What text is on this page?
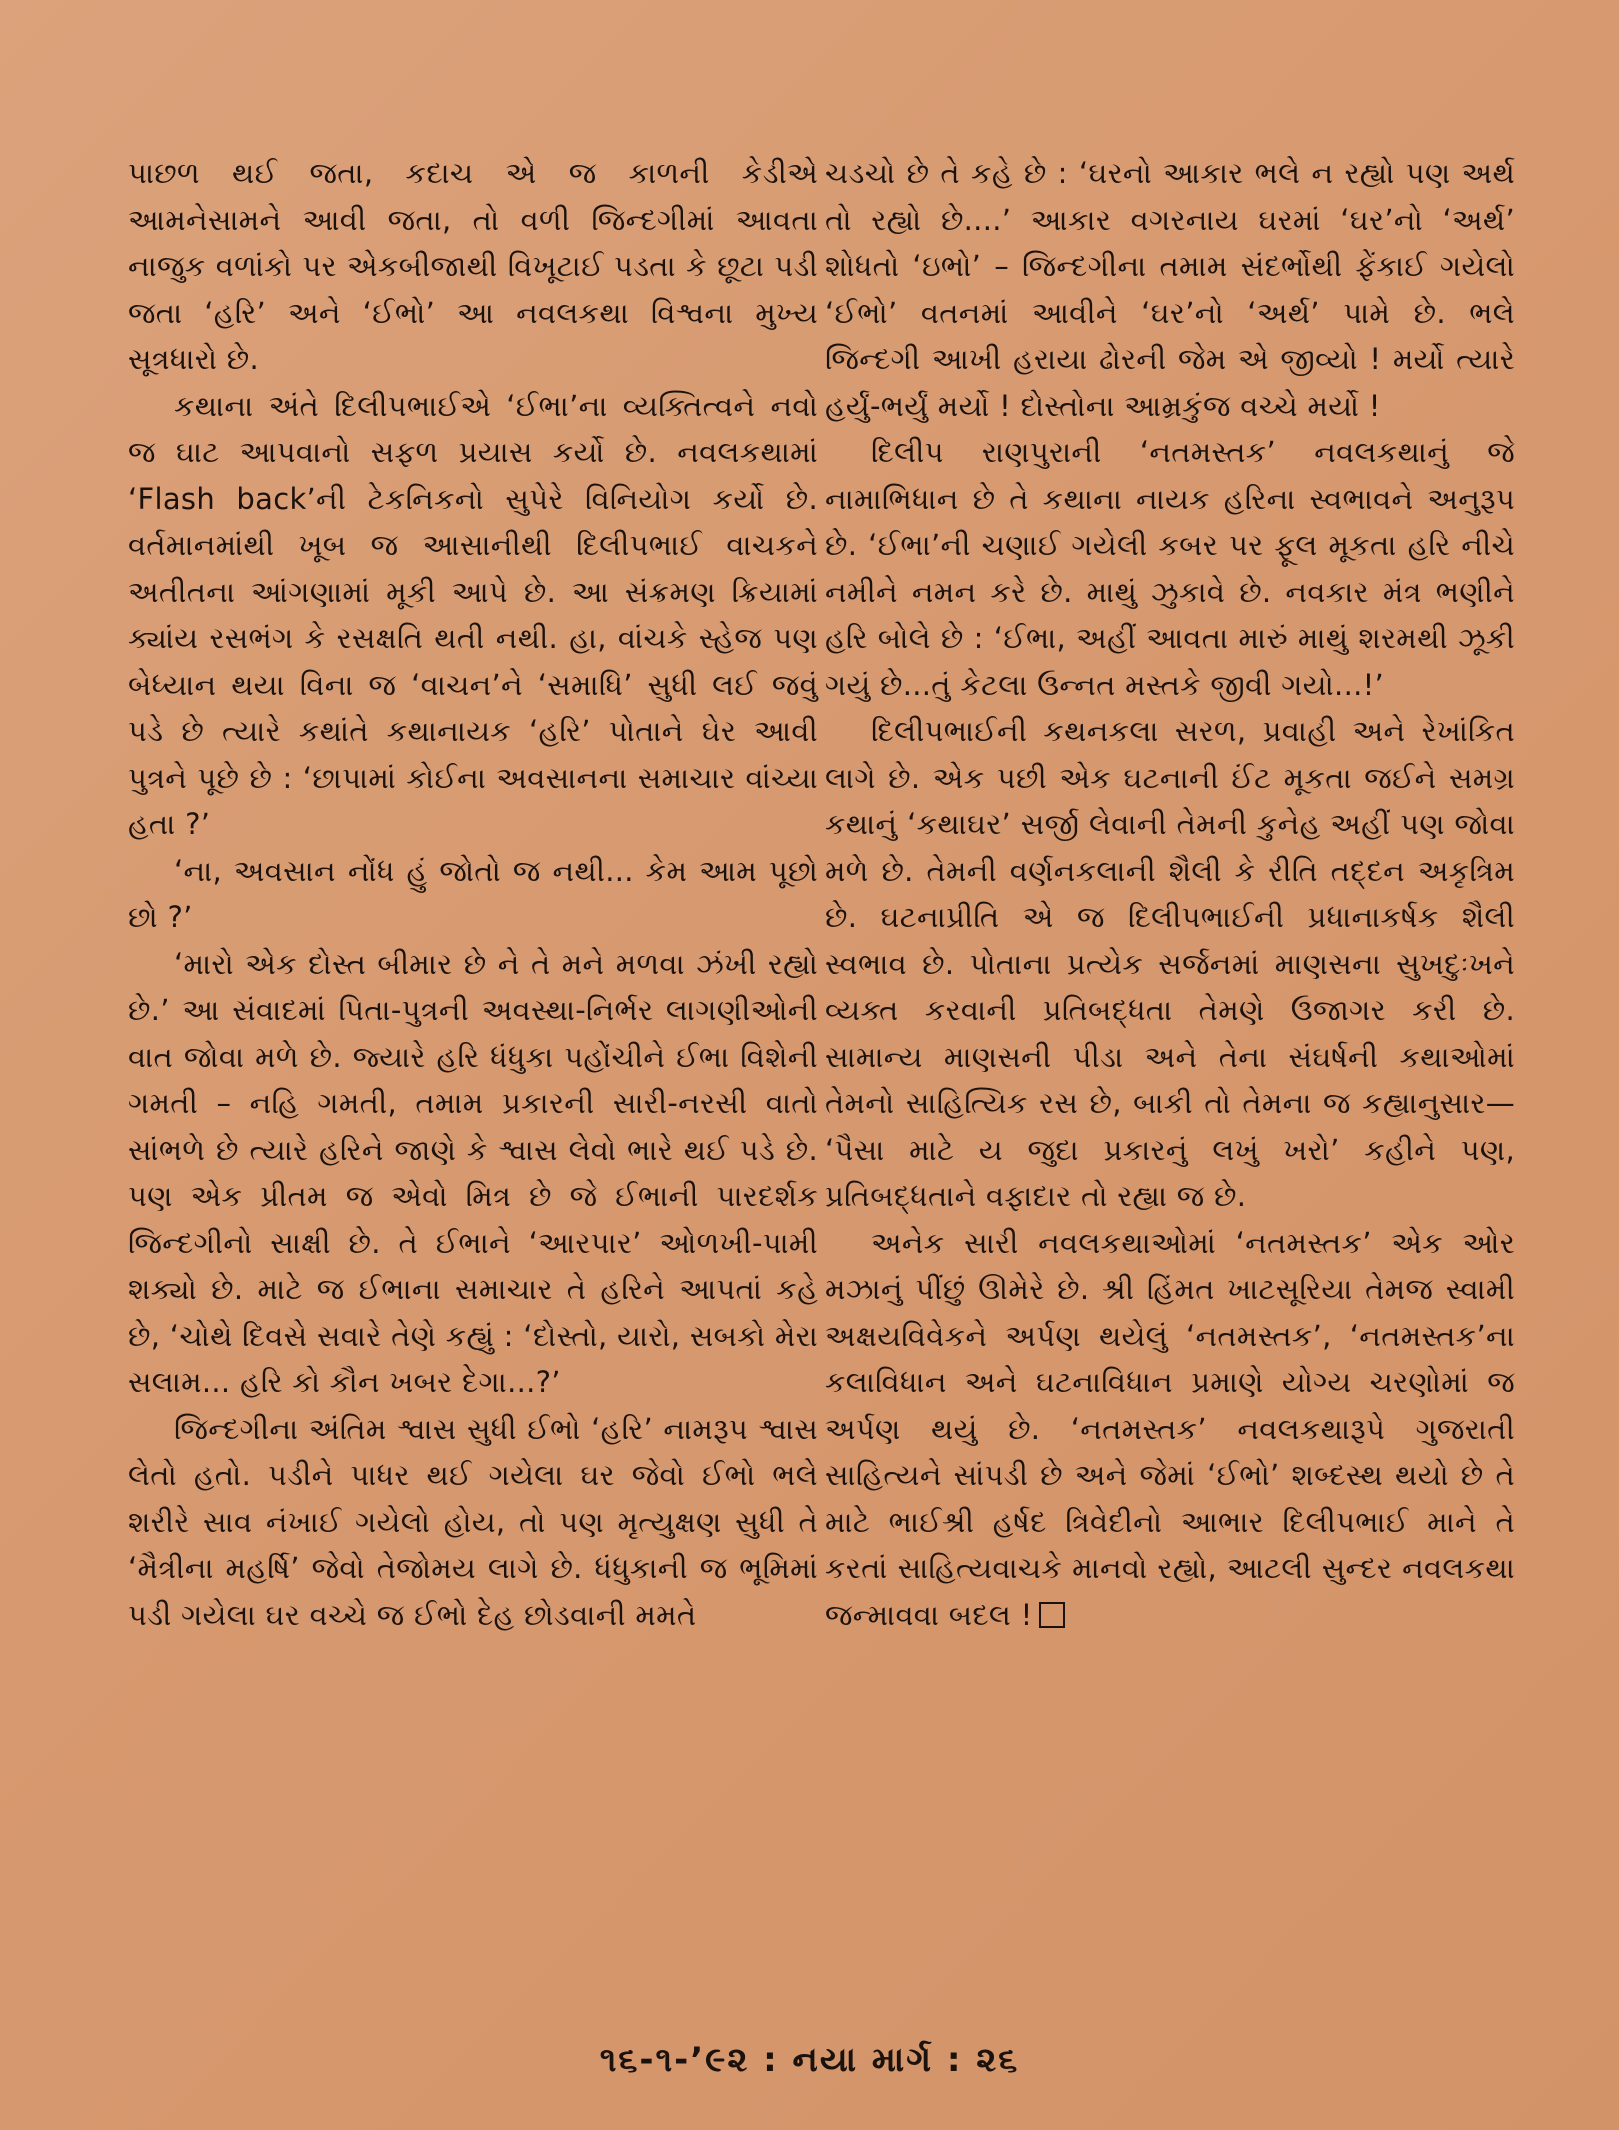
પાછળ થઈ જતા, કદાચ એ જ કાળની કેડીએ આમનેસામને આવી જતા, તો વળી જિન્દગીમાં આવતા નાજુક વળાંકો પર એકબીજાથી વિખૂટાઈ પડતા કે છૂટા પડી જતા ‘હરિ’ અને ‘ઈભો’ આ નવલકથા વિશ્વના મુખ્ય સૂત્રધારો છે.

કથાના અંતે દિલીપભાઈએ ‘ઈભા’ના વ્યક્તિત્વને નવો જ ઘાટ આપવાનો સફળ પ્રયાસ કર્યો છે. નવલકથામાં ‘Flash back’ની ટેકનિકનો સુપેરે વિનિયોગ કર્યો છે. વર્તમાનમાંથી ખૂબ જ આસાનીથી દિલીપભાઈ વાચકને અતીતના આંગણામાં મૂકી આપે છે. આ સંક્રમણ ક્રિયામાં ક્યાંય રસભંગ કે રસક્ષતિ થતી નથી. હા, વાંચકે સ્હેજ પણ બેધ્યાન થયા વિના જ ‘વાચન’ને ‘સમાધિ’ સુધી લઈ જવું પડે છે ત્યારે કથાંતે કથાનાયક ‘હરિ’ પોતાને ઘેર આવી પુત્રને પૂછે છે : ‘છાપામાં કોઈના અવસાનના સમાચાર વાંચ્યા હતા ?’

‘ના, અવસાન નોંધ હું જોતો જ નથી... કેમ આમ પૂછો છો ?’

‘મારો એક દોસ્ત બીમાર છે ને તે મને મળવા ઝંખી રહ્યો છે.’ આ સંવાદમાં પિતા-પુત્રની અવસ્થા-નિર્ભર લાગણીઓની વાત જોવા મળે છે. જ્યારે હરિ ધંધુકા પહોંચીને ઈભા વિશેની ગમતી – નહિ ગમતી, તમામ પ્રકારની સારી-નરસી વાતો સાંભળે છે ત્યારે હરિને જાણે કે શ્વાસ લેવો ભારે થઈ પડે છે. પણ એક પ્રીતમ જ એવો મિત્ર છે જે ઈભાની પારદર્શક જિન્દગીનો સાક્ષી છે. તે ઈભાને ‘આરપાર’ ઓળખી-પામી શક્યો છે. માટે જ ઈભાના સમાચાર તે હરિને આપતાં કહે છે, ‘ચોથે દિવસે સવારે તેણે કહ્યું : ‘દોસ્તો, યારો, સબકો મેરા સલામ... હરિ કો કૌન ખબર દેગા...?’

જિન્દગીના અંતિમ શ્વાસ સુધી ઈભો ‘હરિ’ નામરૂપ શ્વાસ લેતો હતો. પડીને પાધર થઈ ગયેલા ઘર જેવો ઈભો ભલે શરીરે સાવ નંખાઈ ગયેલો હોય, તો પણ મૃત્યુક્ષણ સુધી તે ‘મૈત્રીના મહર્ષિ’ જેવો તેજોમય લાગે છે. ધંધુકાની જ ભૂમિમાં પડી ગયેલા ઘર વચ્ચે જ ઈભો દેહ છોડવાની મમતે

ચડચો છે તે કહે છે : ‘ઘરનો આકાર ભલે ન રહ્યો પણ અર્થ તો રહ્યો છે....’ આકાર વગરનાય ઘરમાં ‘ઘર’નો ‘અર્થ’ શોધતો ‘ઇભો’ – જિન્દગીના તમામ સંદર્ભોથી ફેંકાઈ ગયેલો ‘ઈભો’ વતનમાં આવીને ‘ઘર’નો ‘અર્થ’ પામે છે. ભલે જિન્દગી આખી હરાયા ઢોરની જેમ એ જીવ્યો ! મર્યો ત્યારે હર્યું-ભર્યું મર્યો ! દોસ્તોના આમ્રકુંજ વચ્ચે મર્યો !

દિલીપ રાણપુરાની ‘નતમસ્તક’ નવલકથાનું જે નામાભિધાન છે તે કથાના નાયક હરિના સ્વભાવને અનુરૂપ છે. ‘ઈભા’ની ચણાઈ ગયેલી કબર પર ફૂલ મૂકતા હરિ નીચે નમીને નમન કરે છે. માથું ઝુકાવે છે. નવકાર મંત્ર ભણીને હરિ બોલે છે : ‘ઈભા, અહીં આવતા મારું માથું શરમથી ઝૂકી ગયું છે...તું કેટલા ઉન્નત મસ્તકે જીવી ગયો...!’

દિલીપભાઈની કથનકલા સરળ, પ્રવાહી અને રેખાંકિત લાગે છે. એક પછી એક ઘટનાની ઈંટ મૂકતા જઈને સમગ્ર કથાનું ‘કથાઘર’ સર્જી લેવાની તેમની કુનેહ અહીં પણ જોવા મળે છે. તેમની વર્ણનકલાની શૈલી કે રીતિ તદ્દન અકૃત્રિમ છે. ઘટનાપ્રીતિ એ જ દિલીપભાઈની પ્રધાનાકર્ષક શૈલી સ્વભાવ છે. પોતાના પ્રત્યેક સર્જનમાં માણસના સુખદુઃખને વ્યક્ત કરવાની પ્રતિબદ્ધતા તેમણે ઉજાગર કરી છે. સામાન્ય માણસની પીડા અને તેના સંઘર્ષની કથાઓમાં તેમનો સાહિત્યિક રસ છે, બાકી તો તેમના જ કહ્યાનુસાર— ‘પૈસા માટે ય જુદા પ્રકારનું લખું ખરો’ કહીને પણ, પ્રતિબદ્ધતાને વફાદાર તો રહ્યા જ છે.

અનેક સારી નવલકથાઓમાં ‘નતમસ્તક’ એક ઓર મઝાનું પીંછું ઊમેરે છે. શ્રી હિંમત ખાટસૂરિયા તેમજ સ્વામી અક્ષયવિવેકને અર્પણ થયેલું ‘નતમસ્તક’, ‘નતમસ્તક’ના કલાવિધાન અને ઘટનાવિધાન પ્રમાણે યોગ્ય ચરણોમાં જ અર્પણ થયું છે. ‘નતમસ્તક’ નવલકથારૂપે ગુજરાતી સાહિત્યને સાંપડી છે અને જેમાં ‘ઈભો’ શબ્દસ્થ થયો છે તે માટે ભાઈશ્રી હર્ષદ ત્રિવેદીનો આભાર દિલીપભાઈ માને તે કરતાં સાહિત્યવાચકે માનવો રહ્યો, આટલી સુન્દર નવલકથા જન્માવવા બદલ !

૧૬-૧-’૯૨ : નયા માર્ગ : ૨૬
